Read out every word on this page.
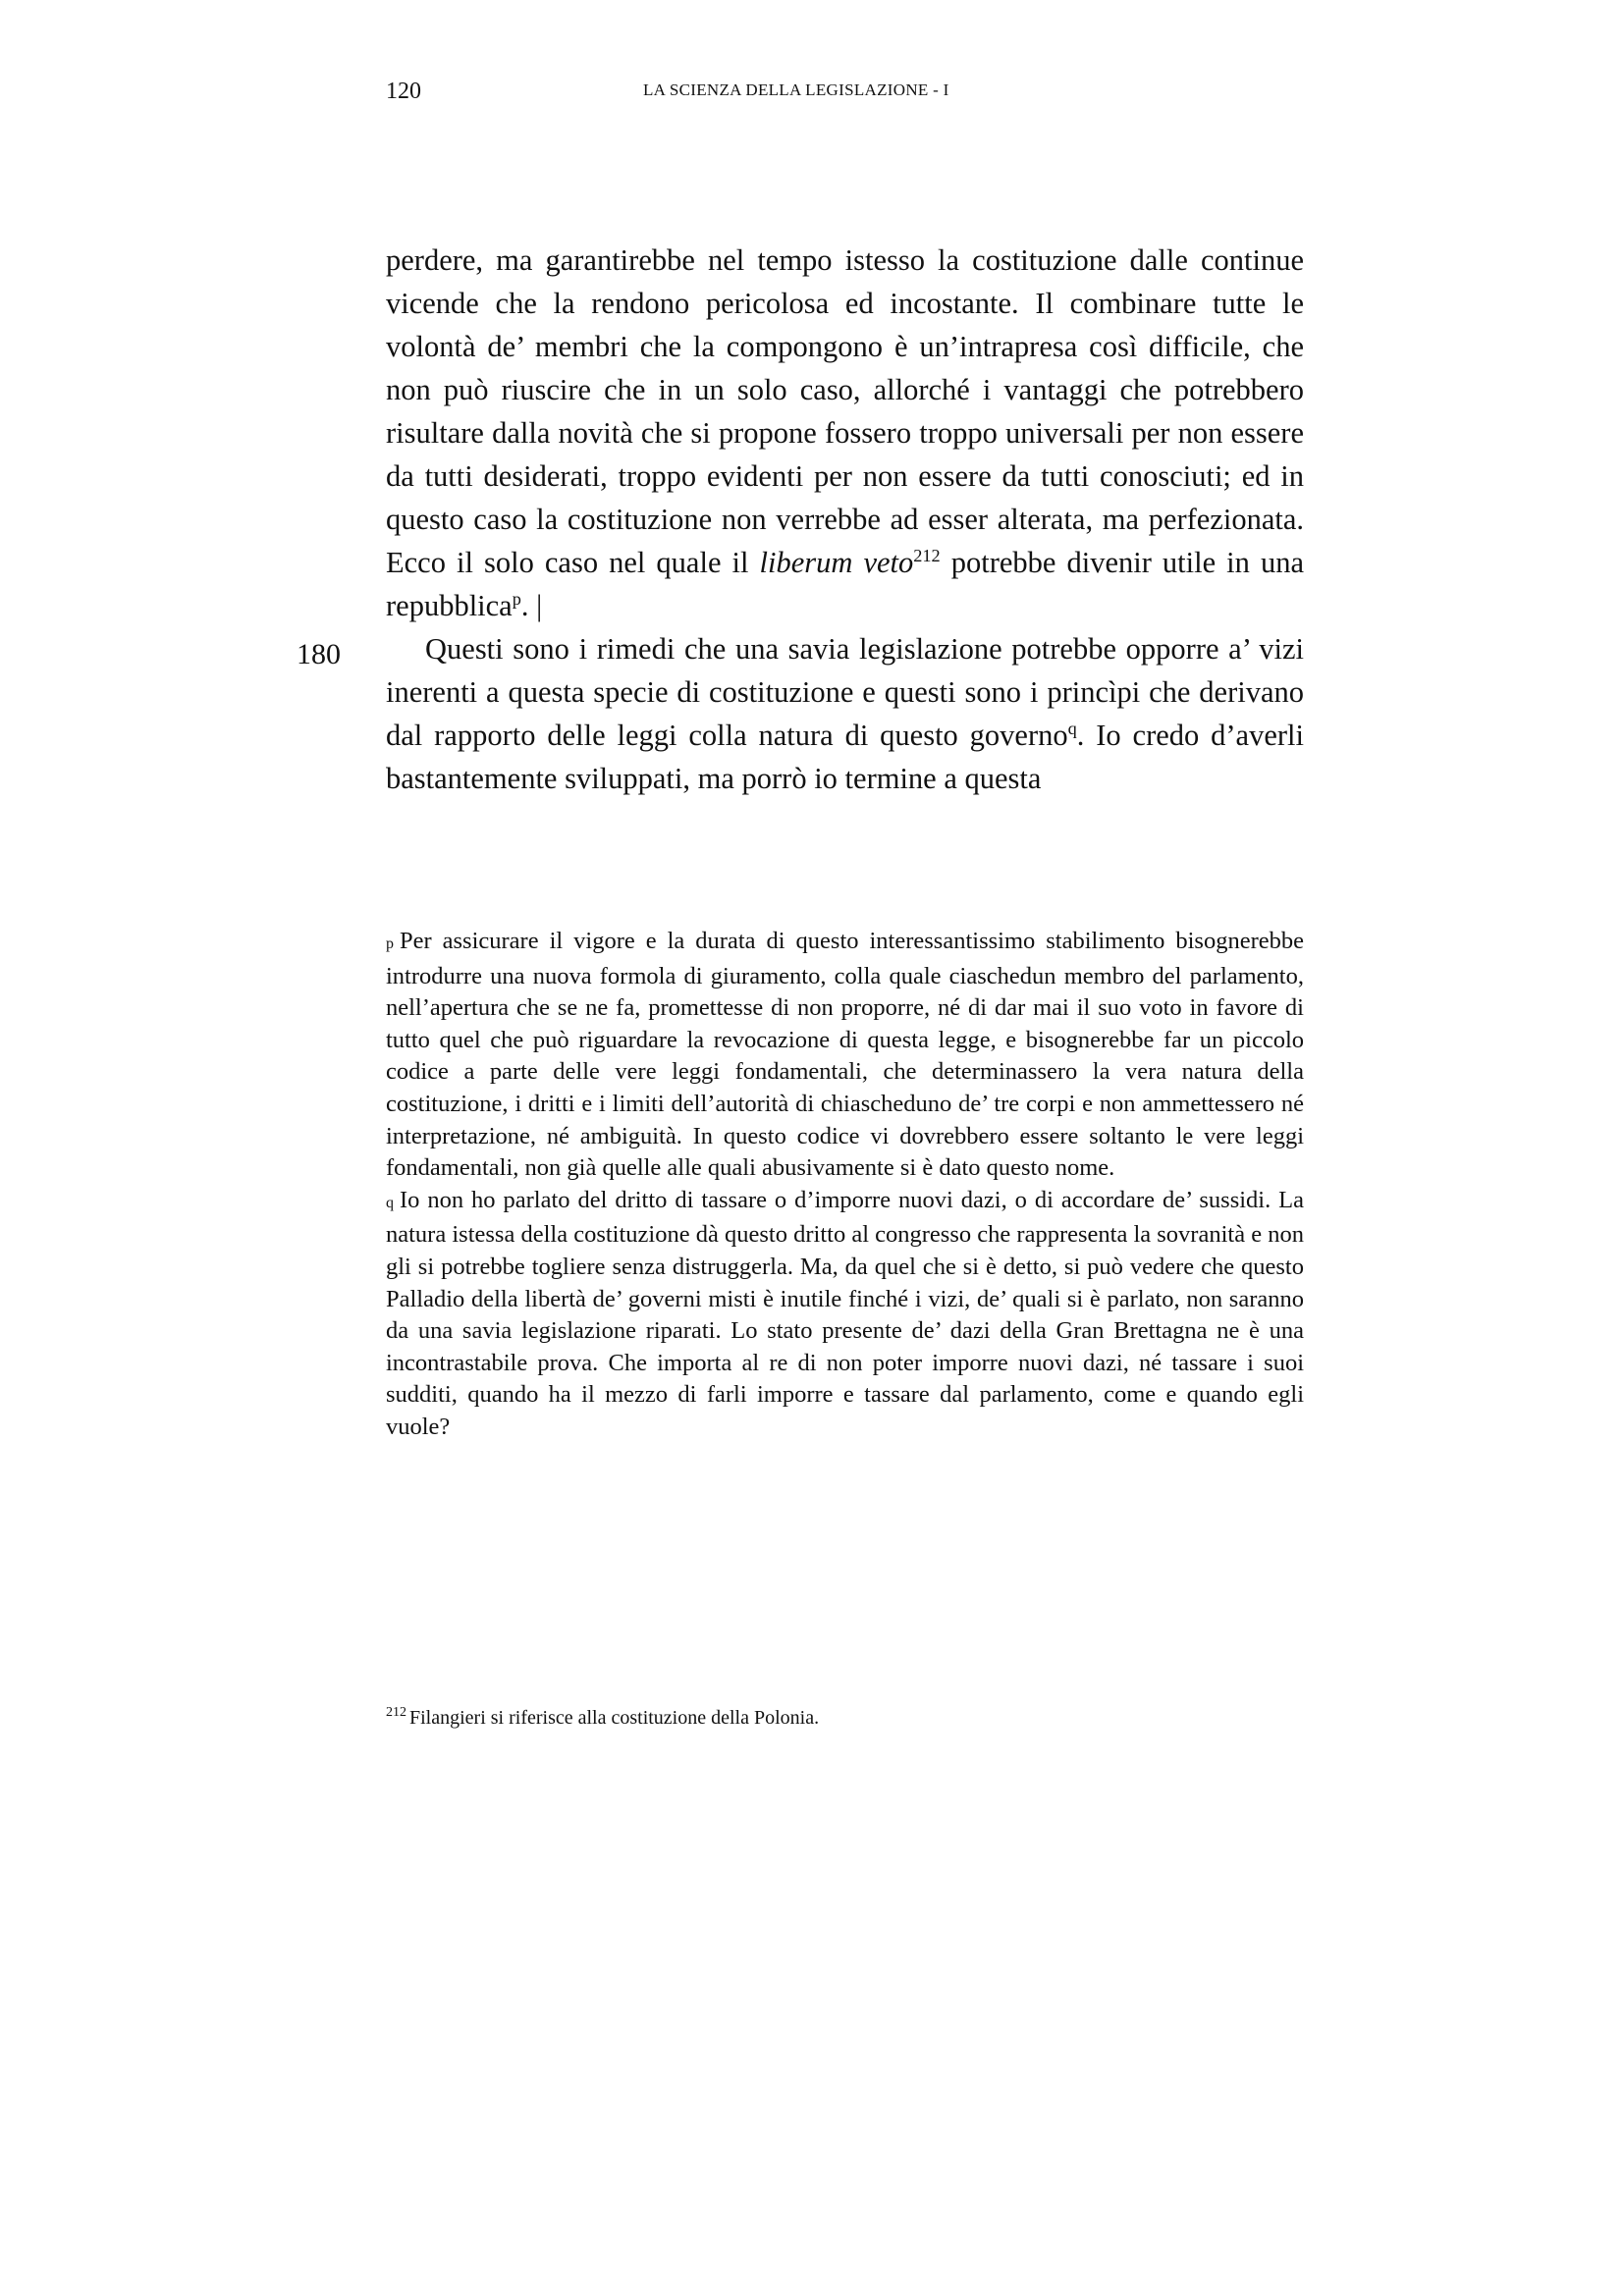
120	LA SCIENZA DELLA LEGISLAZIONE - I
180

perdere, ma garantirebbe nel tempo istesso la costituzione dalle continue vicende che la rendono pericolosa ed incostante. Il combinare tutte le volontà de’ membri che la compongono è un’intrapresa così difficile, che non può riuscire che in un solo caso, allorché i vantaggi che potrebbero risultare dalla novità che si propone fossero troppo universali per non essere da tutti desiderati, troppo evidenti per non essere da tutti conosciuti; ed in questo caso la costituzione non verrebbe ad esser alterata, ma perfezionata. Ecco il solo caso nel quale il liberum veto$^{212}$ potrebbe divenir utile in una repubblica$^p$. |

Questi sono i rimedi che una savia legislazione potrebbe opporre a’ vizi inerenti a questa specie di costituzione e questi sono i princìpi che derivano dal rapporto delle leggi colla natura di questo governo$^q$. Io credo d’averli bastantemente sviluppati, ma porrò io termine a questa

p Per assicurare il vigore e la durata di questo interessantissimo stabilimento bisognerebbe introdurre una nuova formola di giuramento, colla quale ciaschedun membro del parlamento, nell’apertura che se ne fa, promettesse di non proporre, né di dar mai il suo voto in favore di tutto quel che può riguardare la revocazione di questa legge, e bisognerebbe far un piccolo codice a parte delle vere leggi fondamentali, che determinassero la vera natura della costituzione, i dritti e i limiti dell’autorità di chiascheduno de’ tre corpi e non ammettessero né interpretazione, né ambiguità. In questo codice vi dovrebbero essere soltanto le vere leggi fondamentali, non già quelle alle quali abusivamente si è dato questo nome.

q Io non ho parlato del dritto di tassare o d’imporre nuovi dazi, o di accordare de’ sussidi. La natura istessa della costituzione dà questo dritto al congresso che rappresenta la sovranità e non gli si potrebbe togliere senza distruggerla. Ma, da quel che si è detto, si può vedere che questo Palladio della libertà de’ governi misti è inutile finché i vizi, de’ quali si è parlato, non saranno da una savia legislazione riparati. Lo stato presente de’ dazi della Gran Brettagna ne è una incontrastabile prova. Che importa al re di non poter imporre nuovi dazi, né tassare i suoi sudditi, quando ha il mezzo di farli imporre e tassare dal parlamento, come e quando egli vuole?

$^{212}$ Filangieri si riferisce alla costituzione della Polonia.
